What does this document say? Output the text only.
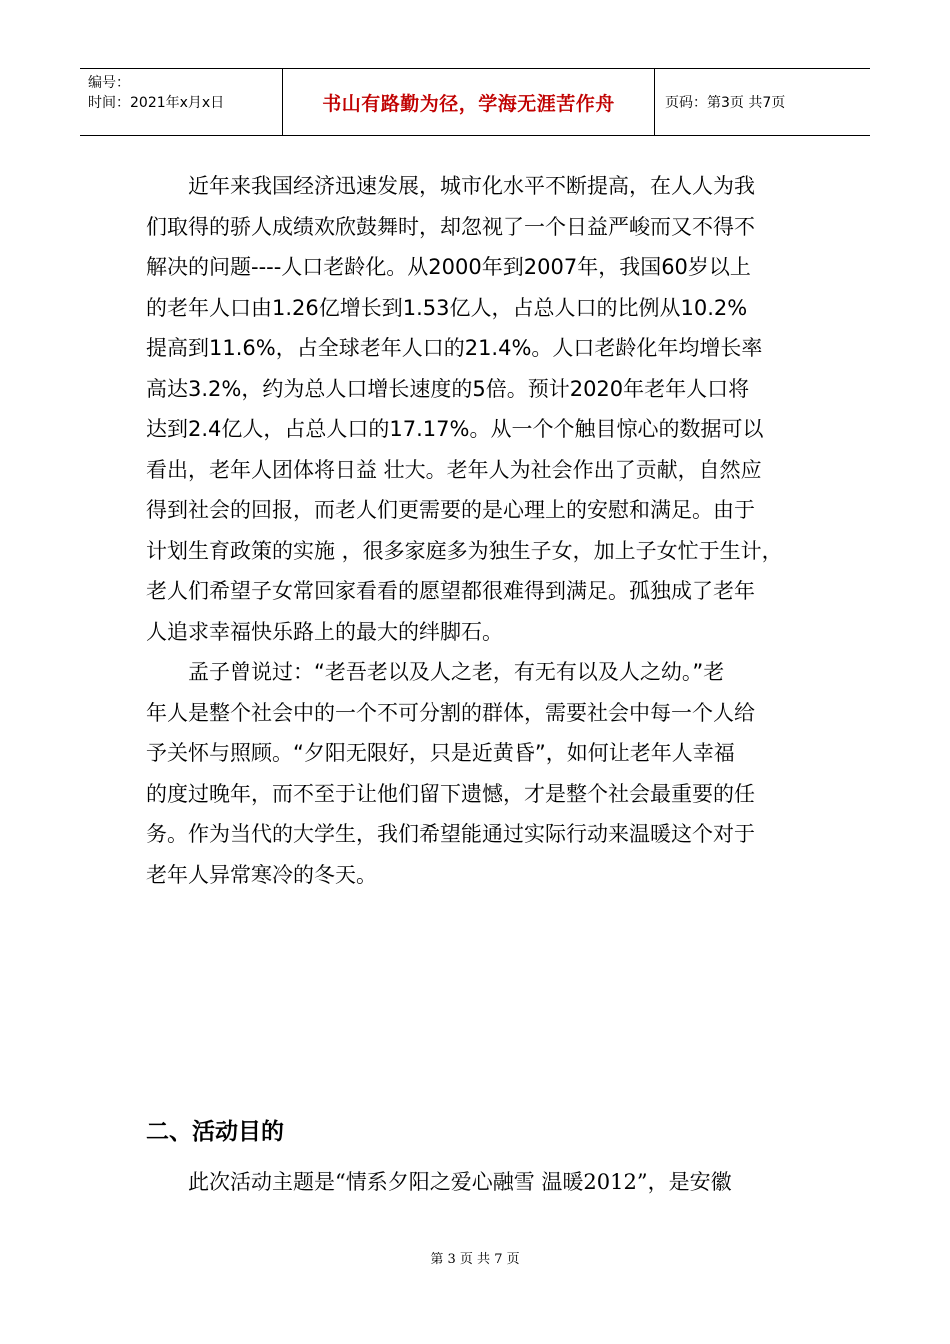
编号：
时间：2021年x月x日	书山有路勤为径，学海无涯苦作舟	页码：第3页 共7页

近年来我国经济迅速发展，城市化水平不断提高，在人人为我
们取得的骄人成绩欢欣鼓舞时，却忽视了一个日益严峻而又不得不
解决的问题----人口老龄化。从2000年到2007年，我国60岁以上
的老年人口由1.26亿增长到1.53亿人，占总人口的比例从10.2%
提高到11.6%，占全球老年人口的21.4%。人口老龄化年均增长率
高达3.2%，约为总人口增长速度的5倍。预计2020年老年人口将
达到2.4亿人，占总人口的17.17%。从一个个触目惊心的数据可以
看出，老年人团体将日益 壮大。老年人为社会作出了贡献，自然应
得到社会的回报，而老人们更需要的是心理上的安慰和满足。由于
计划生育政策的实施 ，很多家庭多为独生子女，加上子女忙于生计，
老人们希望子女常回家看看的愿望都很难得到满足。孤独成了老年
人追求幸福快乐路上的最大的绊脚石。

孟子曾说过：“老吾老以及人之老，有无有以及人之幼。”老
年人是整个社会中的一个不可分割的群体，需要社会中每一个人给
予关怀与照顾。“夕阳无限好，只是近黄昏”，如何让老年人幸福
的度过晚年，而不至于让他们留下遗憾，才是整个社会最重要的任
务。作为当代的大学生，我们希望能通过实际行动来温暖这个对于
老年人异常寒冷的冬天。

二、活动目的
此次活动主题是“情系夕阳之爱心融雪 温暖2012”，是安徽
第 3 页 共 7 页
